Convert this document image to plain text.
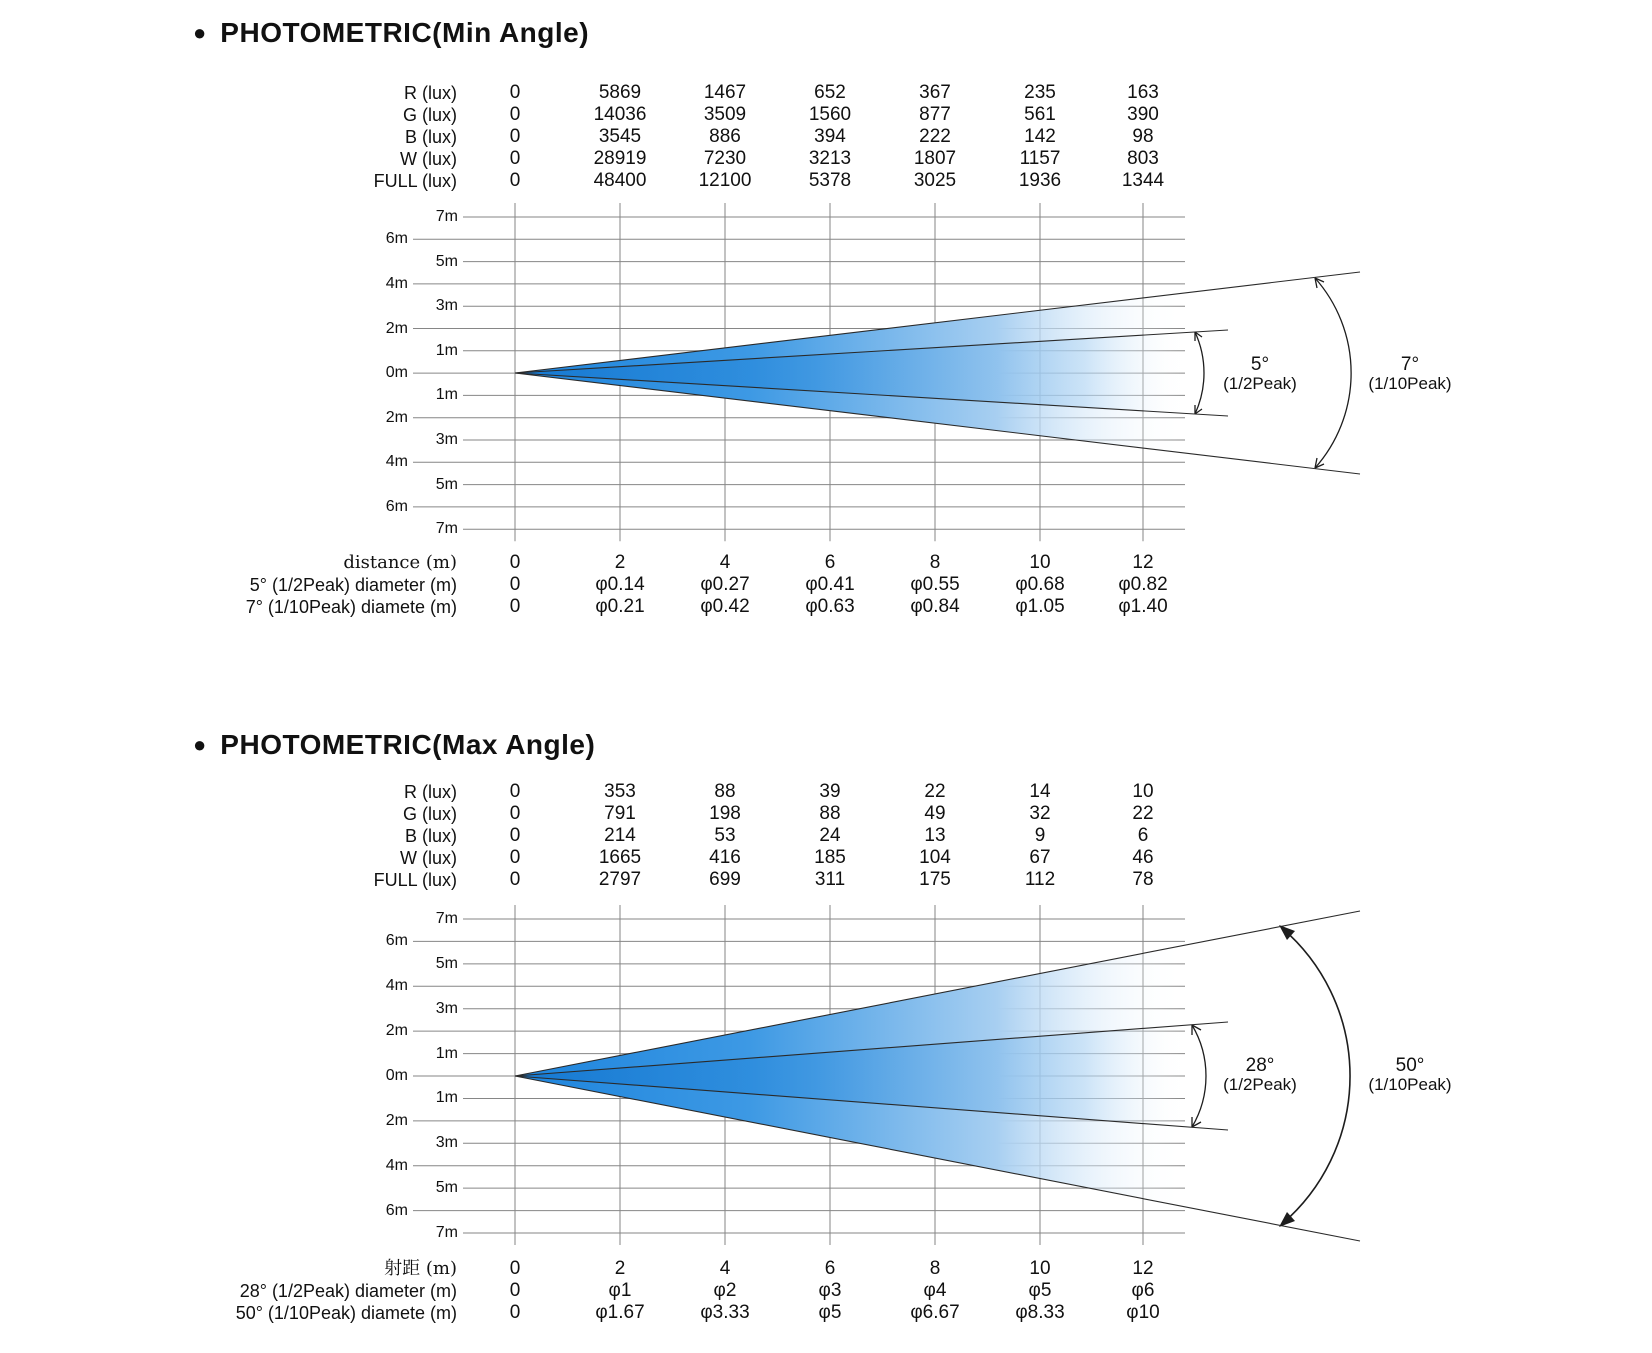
● PHOTOMETRIC(Min Angle)
● PHOTOMETRIC(Max Angle)
5°
(1/2Peak)
7°
(1/10Peak)
28°
(1/2Peak)
50°
(1/10Peak)
R (lux)	0	5869	1467	652	367	235	163
G (lux)	0	14036	3509	1560	877	561	390
B (lux)	0	3545	886	394	222	142	98
W (lux)	0	28919	7230	3213	1807	1157	803
FULL (lux)	0	48400	12100	5378	3025	1936	1344
7m
6m
5m
4m
3m
2m
1m
0m
1m
2m
3m
4m
5m
6m
7m
distance (m)	0	2	4	6	8	10	12
5° (1/2Peak) diameter (m)	0	φ0.14	φ0.27	φ0.41	φ0.55	φ0.68	φ0.82
7° (1/10Peak) diamete (m)	0	φ0.21	φ0.42	φ0.63	φ0.84	φ1.05	φ1.40
R (lux)	0	353	88	39	22	14	10
G (lux)	0	791	198	88	49	32	22
B (lux)	0	214	53	24	13	9	6
W (lux)	0	1665	416	185	104	67	46
FULL (lux)	0	2797	699	311	175	112	78
7m
6m
5m
4m
3m
2m
1m
0m
1m
2m
3m
4m
5m
6m
7m
射距 (m)	0	2	4	6	8	10	12
28° (1/2Peak) diameter (m)	0	φ1	φ2	φ3	φ4	φ5	φ6
50° (1/10Peak) diamete (m)	0	φ1.67	φ3.33	φ5	φ6.67	φ8.33	φ10
